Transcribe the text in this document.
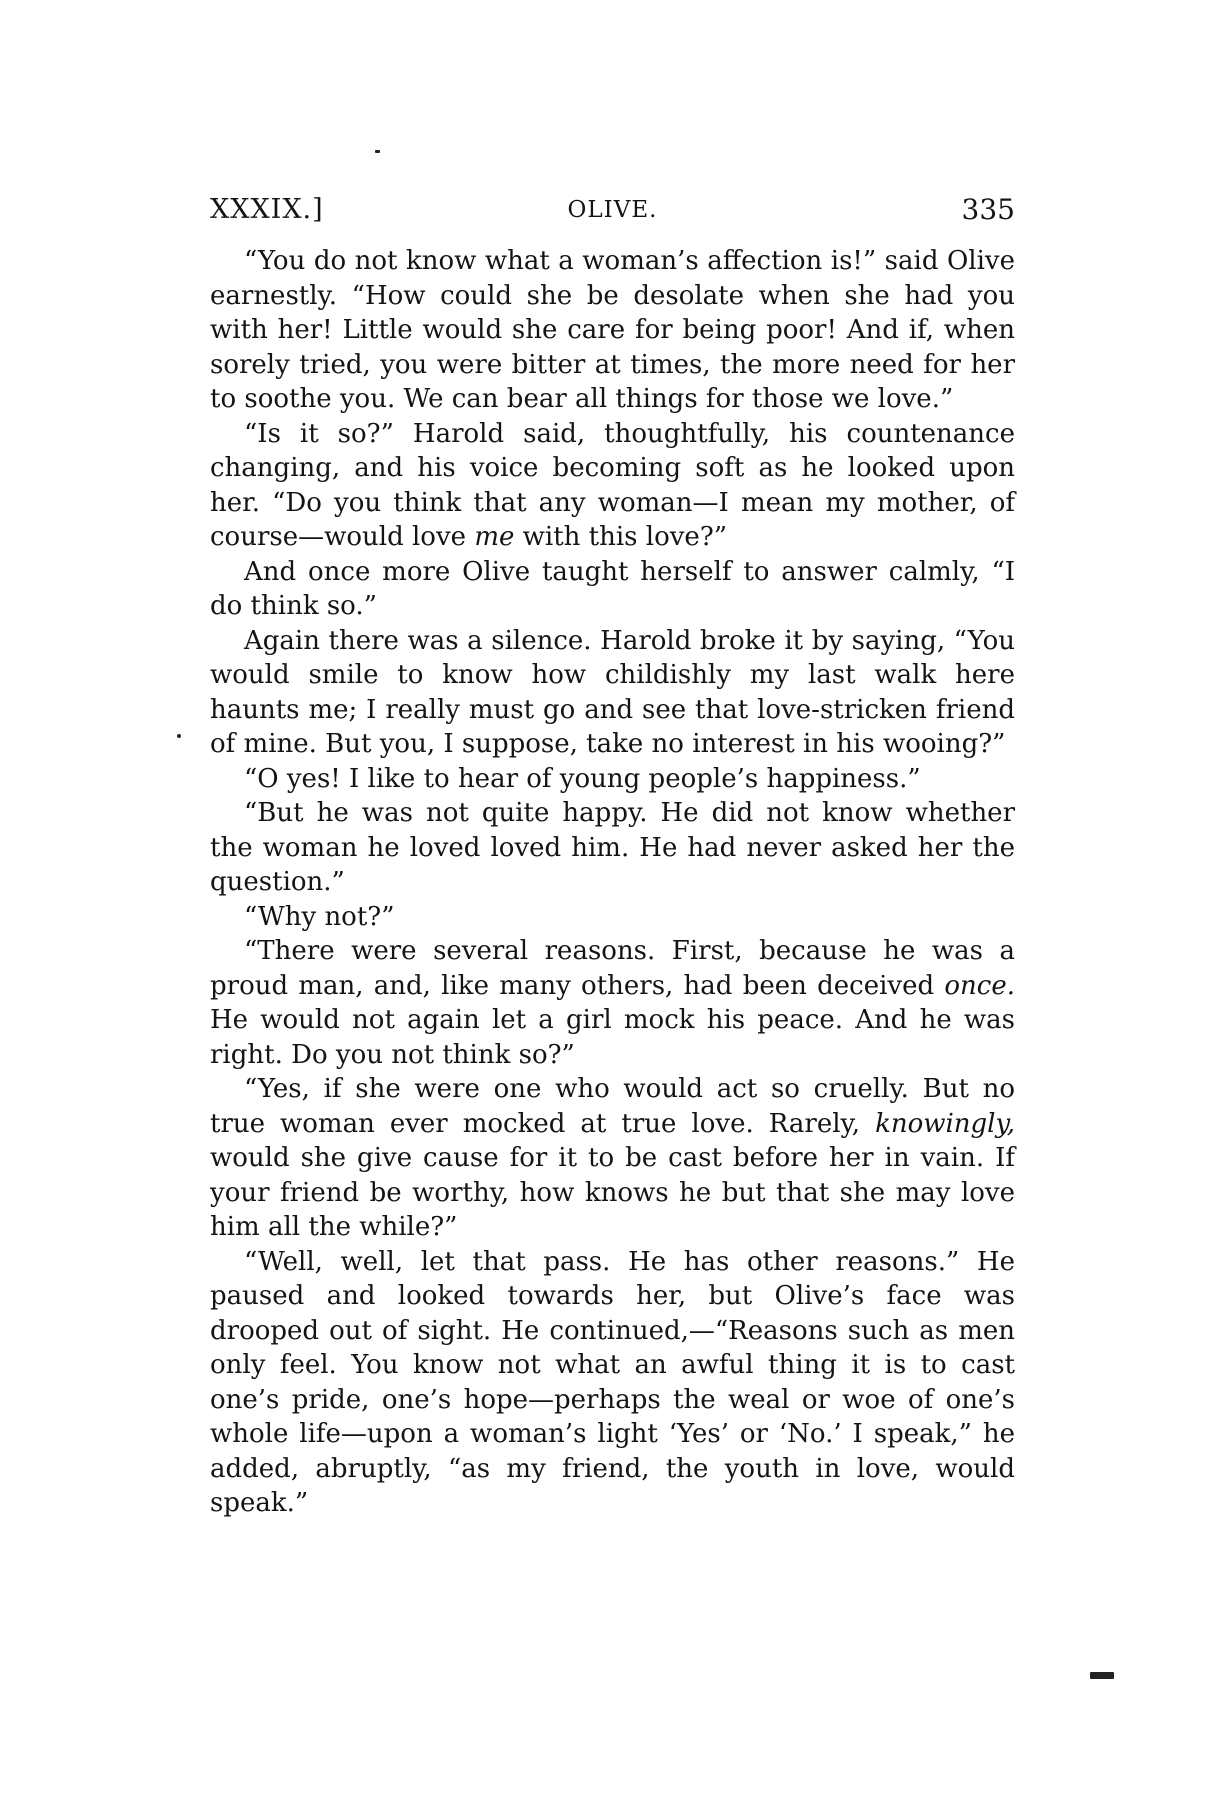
XXXIX.]	OLIVE.	335

“You do not know what a woman’s affection is!” said Olive earnestly. “How could she be desolate when she had you with her! Little would she care for being poor! And if, when sorely tried, you were bitter at times, the more need for her to soothe you. We can bear all things for those we love.”

“Is it so?” Harold said, thoughtfully, his countenance changing, and his voice becoming soft as he looked upon her. “Do you think that any woman—I mean my mother, of course—would love me with this love?”

And once more Olive taught herself to answer calmly, “I do think so.”

Again there was a silence. Harold broke it by saying, “You would smile to know how childishly my last walk here haunts me; I really must go and see that love-stricken friend of mine. But you, I suppose, take no interest in his wooing?”

“O yes! I like to hear of young people’s happiness.”

“But he was not quite happy. He did not know whether the woman he loved loved him. He had never asked her the question.”

“Why not?”

“There were several reasons. First, because he was a proud man, and, like many others, had been deceived once. He would not again let a girl mock his peace. And he was right. Do you not think so?”

“Yes, if she were one who would act so cruelly. But no true woman ever mocked at true love. Rarely, knowingly, would she give cause for it to be cast before her in vain. If your friend be worthy, how knows he but that she may love him all the while?”

“Well, well, let that pass. He has other reasons.” He paused and looked towards her, but Olive’s face was drooped out of sight. He continued,—“Reasons such as men only feel. You know not what an awful thing it is to cast one’s pride, one’s hope—perhaps the weal or woe of one’s whole life—upon a woman’s light ‘Yes’ or ‘No.’ I speak,” he added, abruptly, “as my friend, the youth in love, would speak.”
